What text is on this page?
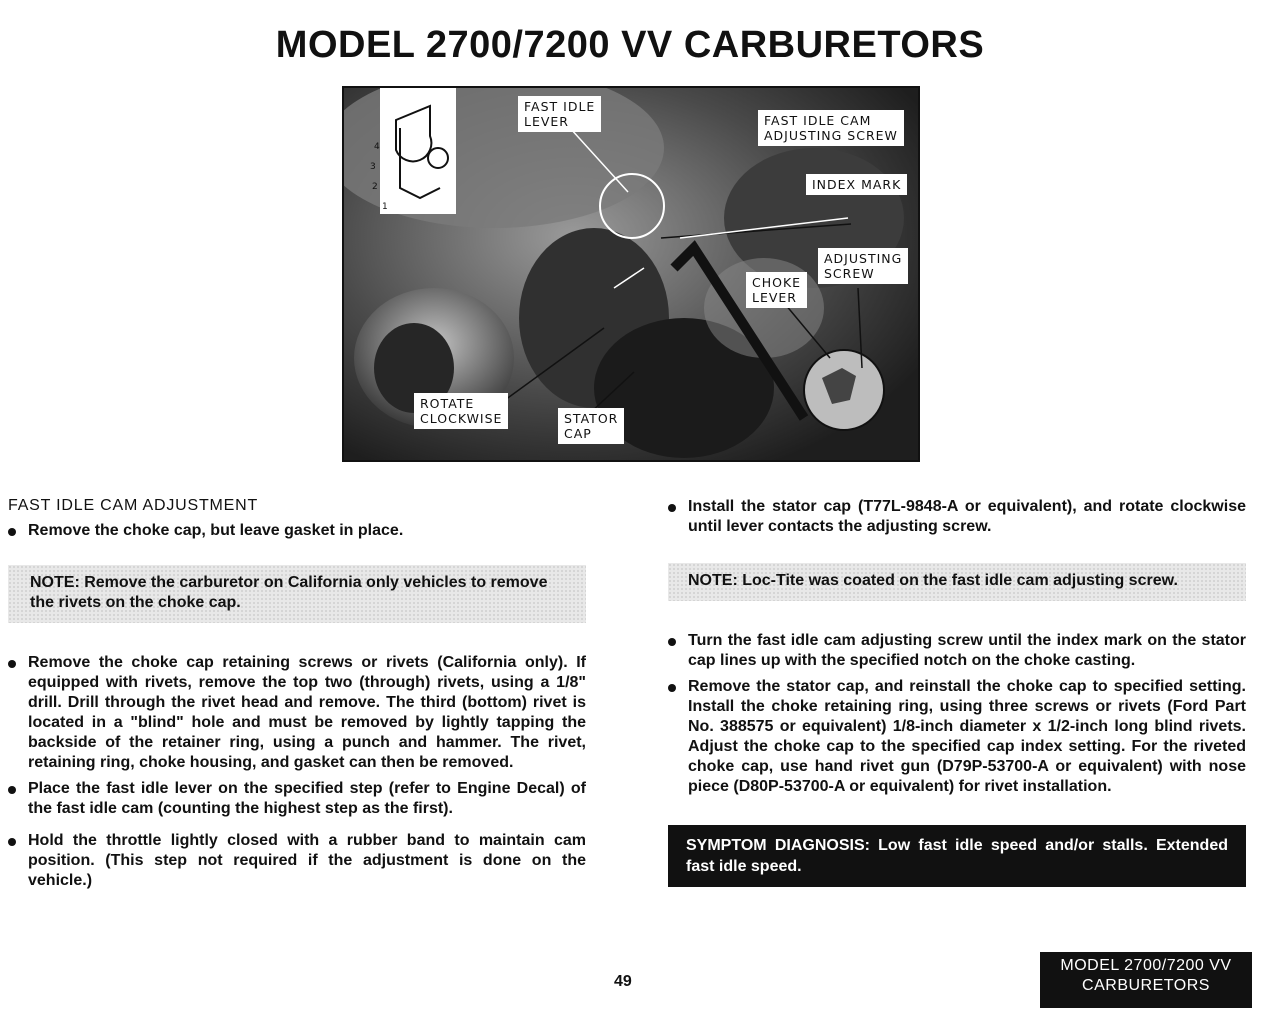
MODEL 2700/7200 VV CARBURETORS
FAST IDLE
LEVER	FAST IDLE CAM
ADJUSTING SCREW
INDEX MARK
ADJUSTING
SCREW
CHOKE
LEVER
ROTATE
CLOCKWISE	STATOR
CAP
4
3
2
1
FAST IDLE CAM ADJUSTMENT
Remove the choke cap, but leave gasket in place.
NOTE: Remove the carburetor on California only vehicles to remove the rivets on the choke cap.
Remove the choke cap retaining screws or rivets (California only). If equipped with rivets, remove the top two (through) rivets, using a 1/8" drill. Drill through the rivet head and remove. The third (bottom) rivet is located in a "blind" hole and must be removed by lightly tapping the backside of the retainer ring, using a punch and hammer. The rivet, retaining ring, choke housing, and gasket can then be removed.
Place the fast idle lever on the specified step (refer to Engine Decal) of the fast idle cam (counting the highest step as the first).
Hold the throttle lightly closed with a rubber band to maintain cam position. (This step not required if the adjustment is done on the vehicle.)
Install the stator cap (T77L-9848-A or equivalent), and rotate clockwise until lever contacts the adjusting screw.
NOTE: Loc-Tite was coated on the fast idle cam adjusting screw.
Turn the fast idle cam adjusting screw until the index mark on the stator cap lines up with the specified notch on the choke casting.
Remove the stator cap, and reinstall the choke cap to specified setting. Install the choke retaining ring, using three screws or rivets (Ford Part No. 388575 or equivalent) 1/8-inch diameter x 1/2-inch long blind rivets. Adjust the choke cap to the specified cap index setting. For the riveted choke cap, use hand rivet gun (D79P-53700-A or equivalent) with nose piece (D80P-53700-A or equivalent) for rivet installation.
SYMPTOM DIAGNOSIS: Low fast idle speed and/or stalls. Extended fast idle speed.
49
MODEL 2700/7200 VV
CARBURETORS
